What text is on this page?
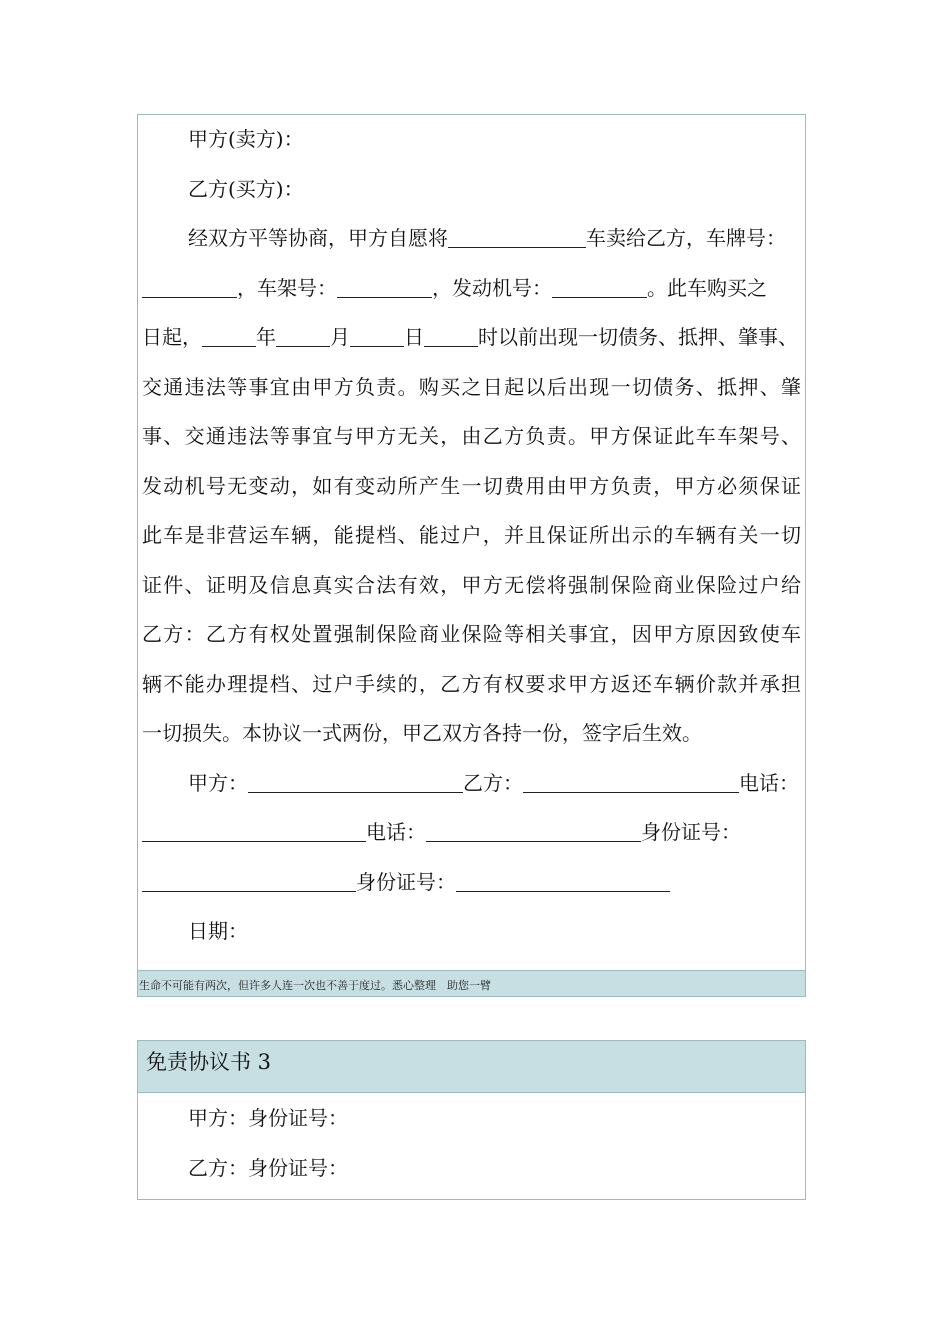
甲方(卖方)：
乙方(买方)：
经双方平等协商，甲方自愿将	车卖给乙方，车牌号：
，车架号：	，发动机号：	。此车购买之
日起，	年	月	日	时以前出现一切债务、抵押、肇事、
交通违法等事宜由甲方负责。购买之日起以后出现一切债务、抵押、肇
事、交通违法等事宜与甲方无关，由乙方负责。甲方保证此车车架号、
发动机号无变动，如有变动所产生一切费用由甲方负责，甲方必须保证
此车是非营运车辆，能提档、能过户，并且保证所出示的车辆有关一切
证件、证明及信息真实合法有效，甲方无偿将强制保险商业保险过户给
乙方：乙方有权处置强制保险商业保险等相关事宜，因甲方原因致使车
辆不能办理提档、过户手续的，乙方有权要求甲方返还车辆价款并承担
一切损失。本协议一式两份，甲乙双方各持一份，签字后生效。
甲方：	乙方：	电话：
电话：	身份证号：
身份证号：
日期：
生命不可能有两次，但许多人连一次也不善于度过。悉心整理　助您一臂
免责协议书 3
甲方：身份证号：
乙方：身份证号：
